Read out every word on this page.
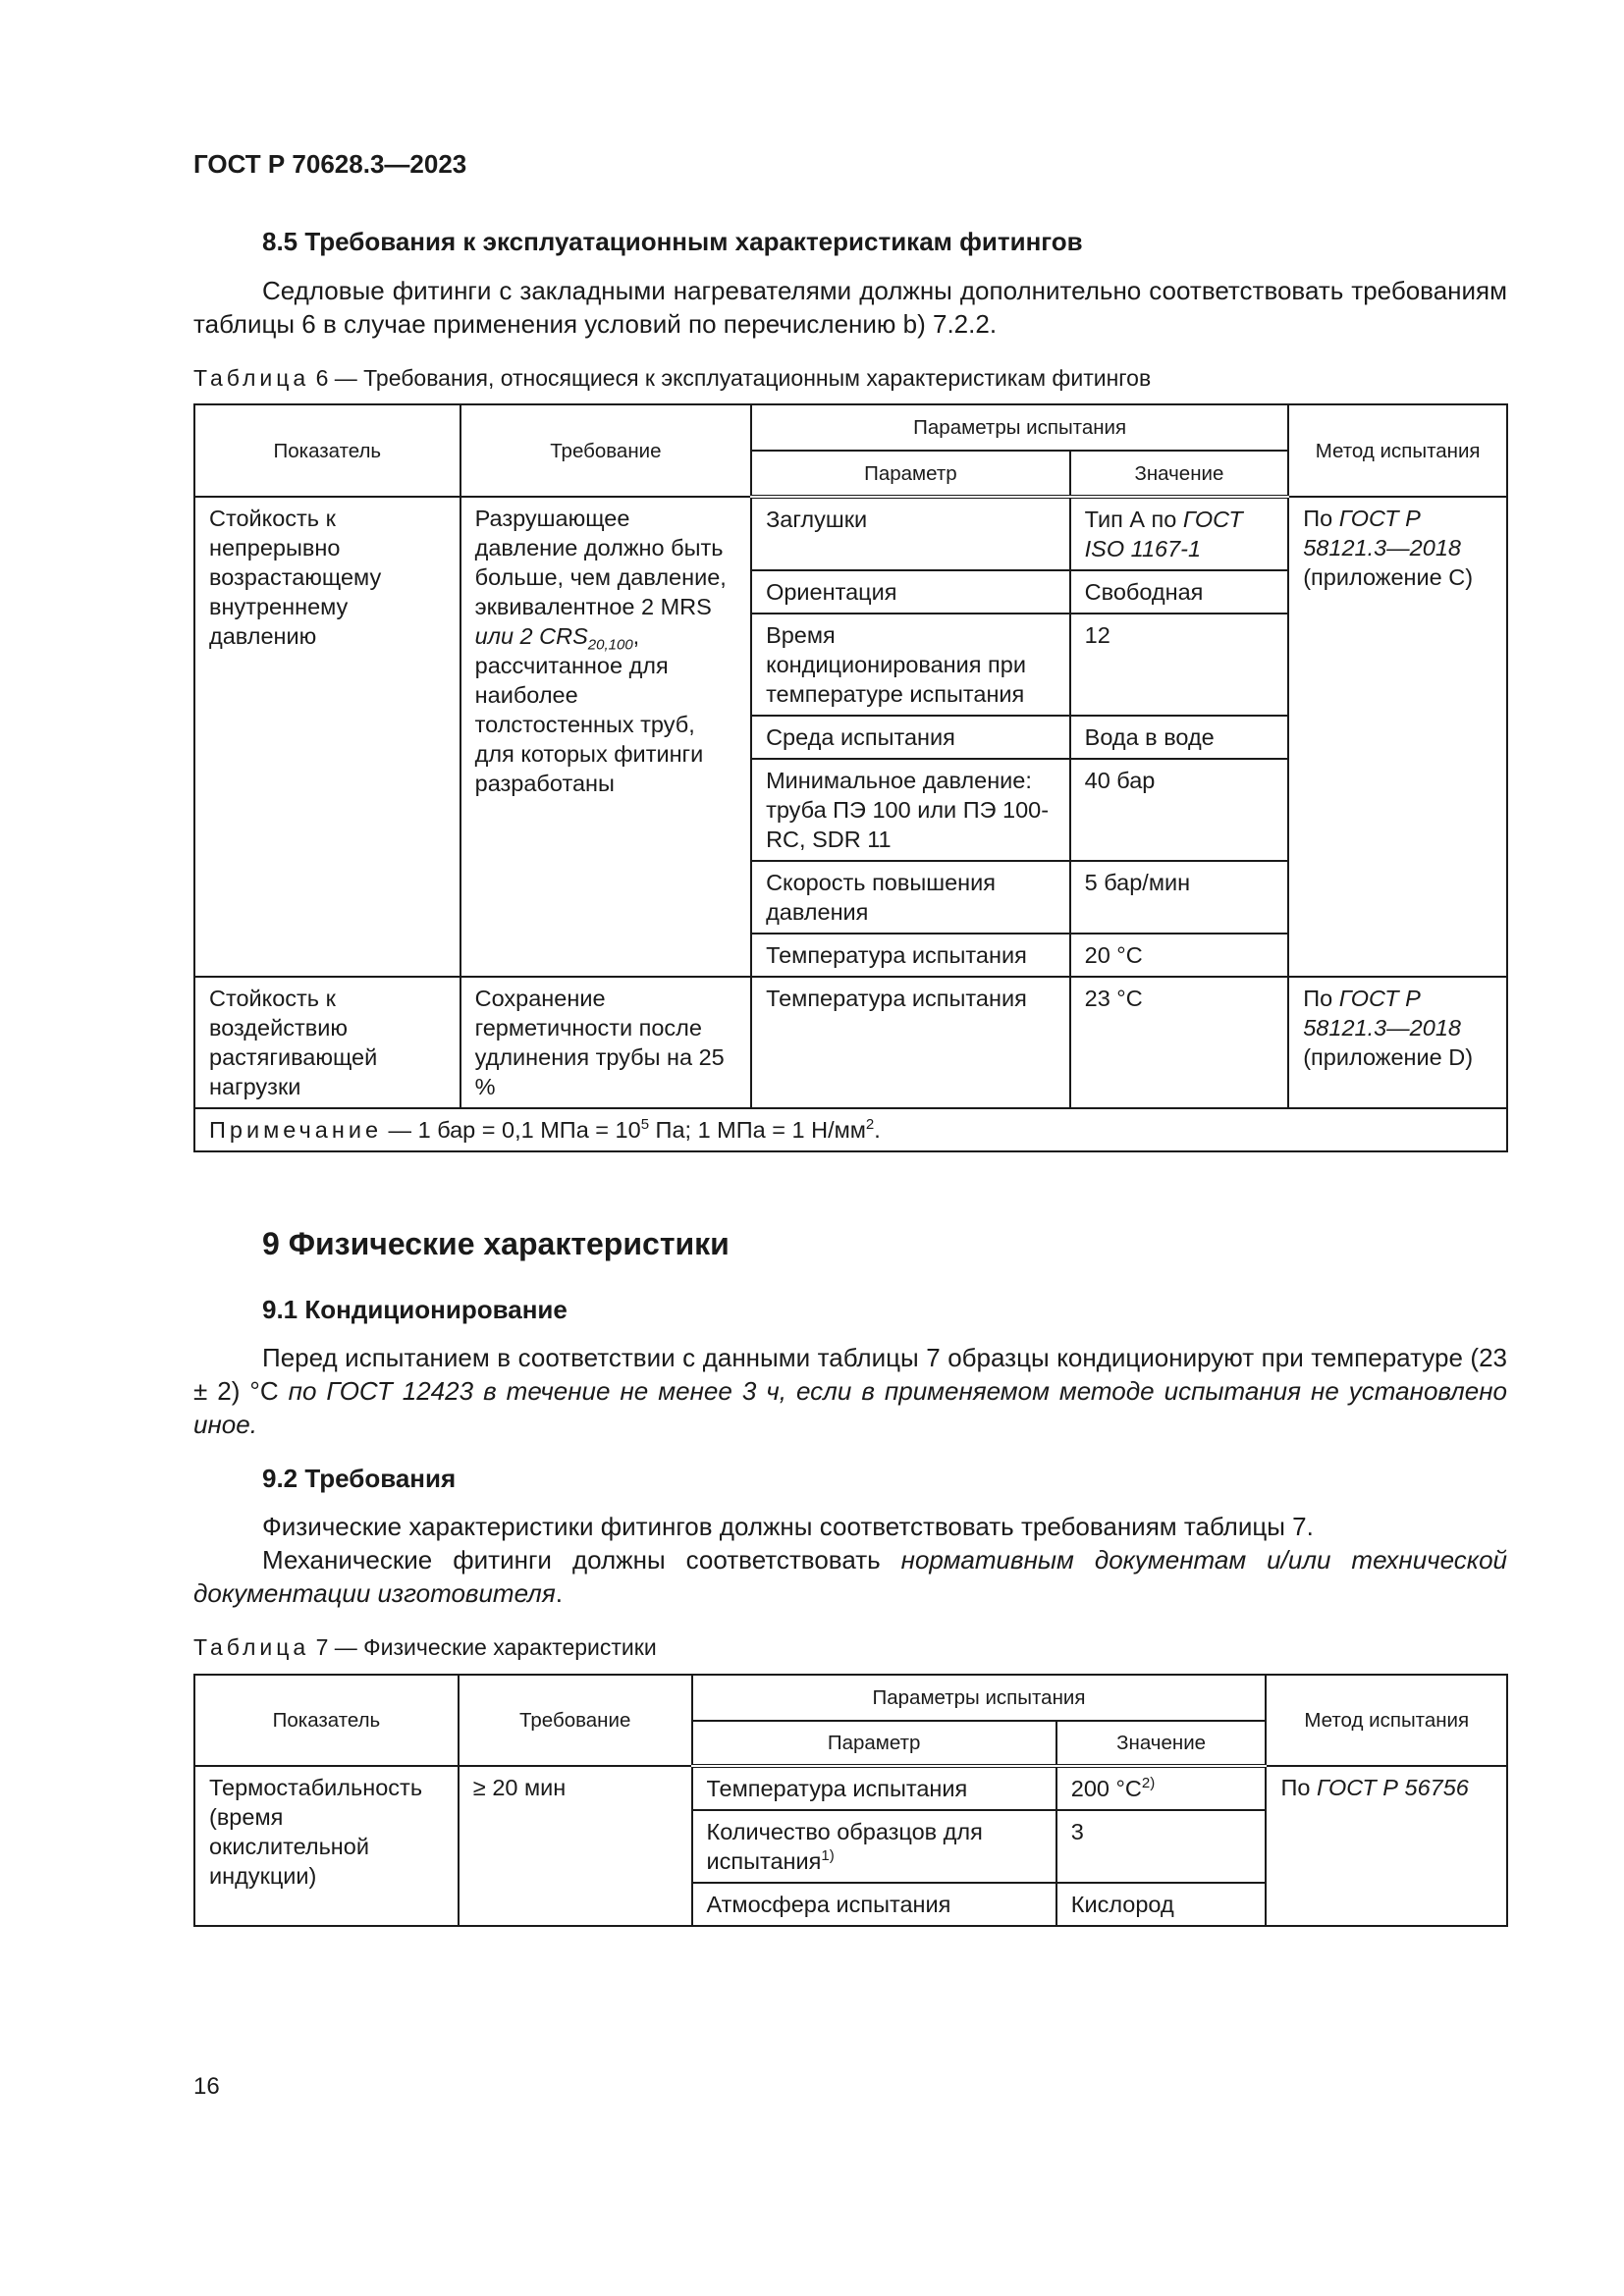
ГОСТ Р 70628.3—2023
8.5 Требования к эксплуатационным характеристикам фитингов
Седловые фитинги с закладными нагревателями должны дополнительно соответствовать требованиям таблицы 6 в случае применения условий по перечислению b) 7.2.2.
Таблица 6 — Требования, относящиеся к эксплуатационным характеристикам фитингов
Показатель	Требование	Параметры испытания		Метод испытания
		Параметр	Значение	
Стойкость к непрерывно возрастающему внутреннему давлению	Разрушающее давление должно быть больше, чем давление, эквивалентное 2 MRS или 2 $CRS_{20,100}$, рассчитанное для наиболее толстостенных труб, для которых фитинги разработаны	Заглушки	Тип А по ГОСТ ISO 1167-1	По ГОСТ Р 58121.3—2018 (приложение С)
		Ориентация	Свободная	
		Время кондиционирования при температуре испытания	12	
		Среда испытания	Вода в воде	
		Минимальное давление: труба ПЭ 100 или ПЭ 100-RC, SDR 11	40 бар	
		Скорость повышения давления	5 бар/мин	
		Температура испытания	20 °С	
Стойкость к воздействию растягивающей нагрузки	Сохранение герметичности после удлинения трубы на 25 %	Температура испытания	23 °С	По ГОСТ Р 58121.3—2018 (приложение D)
Примечание — 1 бар = 0,1 МПа = $10^5$ Па; 1 МПа = 1 $Н/мм^2$.				
9 Физические характеристики
9.1 Кондиционирование
Перед испытанием в соответствии с данными таблицы 7 образцы кондиционируют при температуре (23 ± 2) °С по ГОСТ 12423 в течение не менее 3 ч, если в применяемом методе испытания не установлено иное.
9.2 Требования
Физические характеристики фитингов должны соответствовать требованиям таблицы 7.
Механические фитинги должны соответствовать нормативным документам и/или технической документации изготовителя.
Таблица 7 — Физические характеристики
Показатель	Требование	Параметры испытания		Метод испытания
		Параметр	Значение	
Термостабильность (время окислительной индукции)	≥ 20 мин	Температура испытания	200 $^\circ С^{2)}$	По ГОСТ Р 56756
		Количество образцов для испытания$^{1)}$	3	
		Атмосфера испытания	Кислород	
16
